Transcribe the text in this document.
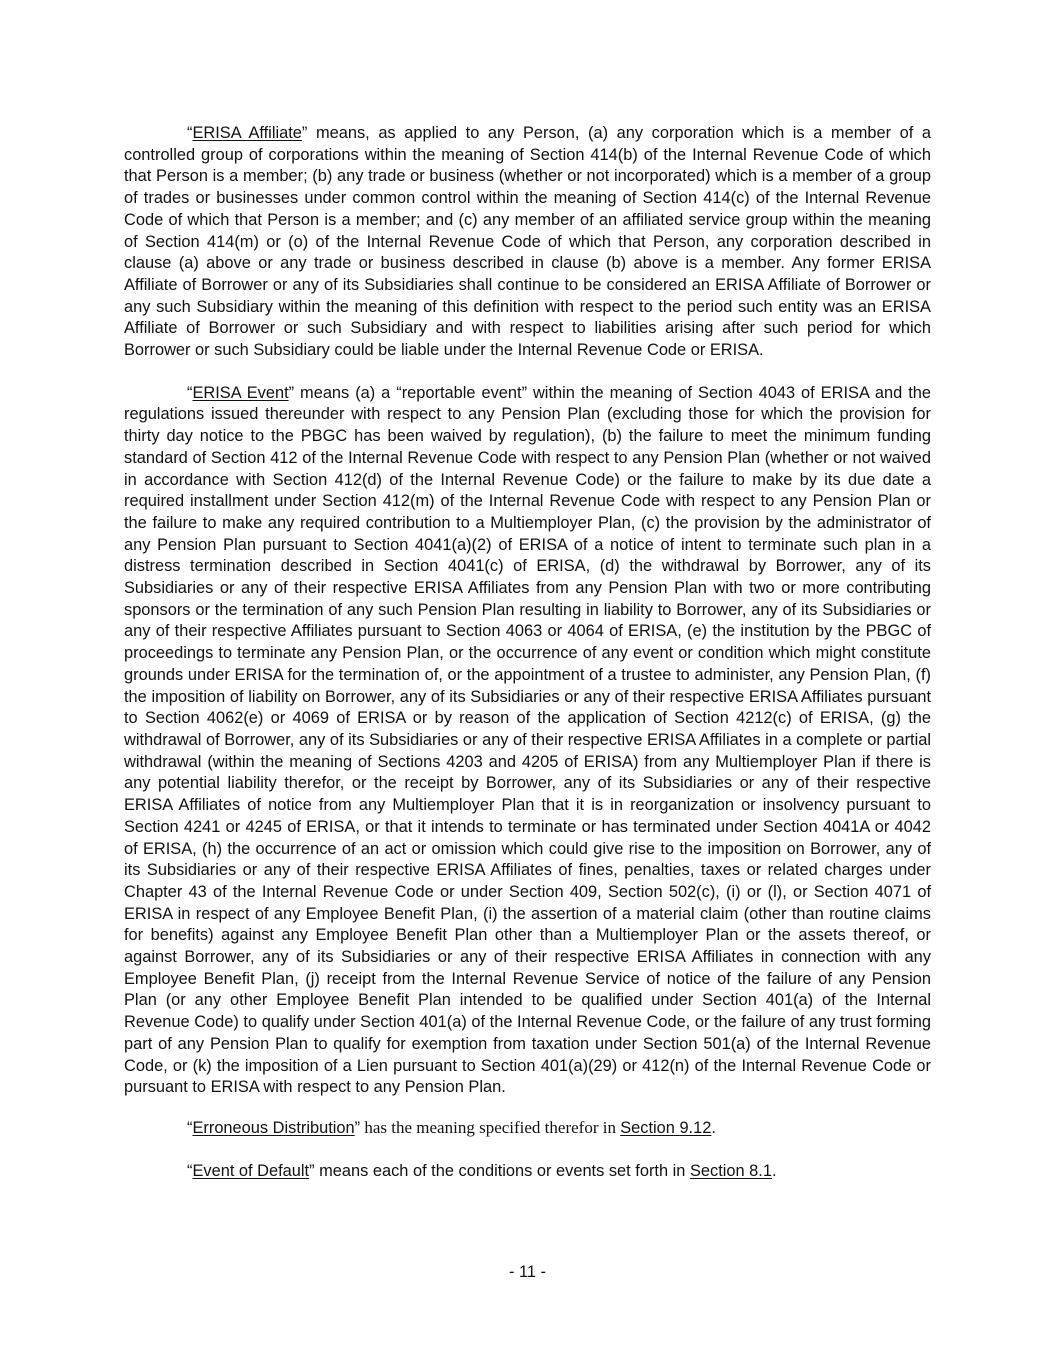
“ERISA Affiliate” means, as applied to any Person, (a) any corporation which is a member of a controlled group of corporations within the meaning of Section 414(b) of the Internal Revenue Code of which that Person is a member; (b) any trade or business (whether or not incorporated) which is a member of a group of trades or businesses under common control within the meaning of Section 414(c) of the Internal Revenue Code of which that Person is a member; and (c) any member of an affiliated service group within the meaning of Section 414(m) or (o) of the Internal Revenue Code of which that Person, any corporation described in clause (a) above or any trade or business described in clause (b) above is a member. Any former ERISA Affiliate of Borrower or any of its Subsidiaries shall continue to be considered an ERISA Affiliate of Borrower or any such Subsidiary within the meaning of this definition with respect to the period such entity was an ERISA Affiliate of Borrower or such Subsidiary and with respect to liabilities arising after such period for which Borrower or such Subsidiary could be liable under the Internal Revenue Code or ERISA.

“ERISA Event” means (a) a “reportable event” within the meaning of Section 4043 of ERISA and the regulations issued thereunder with respect to any Pension Plan (excluding those for which the provision for thirty day notice to the PBGC has been waived by regulation), (b) the failure to meet the minimum funding standard of Section 412 of the Internal Revenue Code with respect to any Pension Plan (whether or not waived in accordance with Section 412(d) of the Internal Revenue Code) or the failure to make by its due date a required installment under Section 412(m) of the Internal Revenue Code with respect to any Pension Plan or the failure to make any required contribution to a Multiemployer Plan, (c) the provision by the administrator of any Pension Plan pursuant to Section 4041(a)(2) of ERISA of a notice of intent to terminate such plan in a distress termination described in Section 4041(c) of ERISA, (d) the withdrawal by Borrower, any of its Subsidiaries or any of their respective ERISA Affiliates from any Pension Plan with two or more contributing sponsors or the termination of any such Pension Plan resulting in liability to Borrower, any of its Subsidiaries or any of their respective Affiliates pursuant to Section 4063 or 4064 of ERISA, (e) the institution by the PBGC of proceedings to terminate any Pension Plan, or the occurrence of any event or condition which might constitute grounds under ERISA for the termination of, or the appointment of a trustee to administer, any Pension Plan, (f) the imposition of liability on Borrower, any of its Subsidiaries or any of their respective ERISA Affiliates pursuant to Section 4062(e) or 4069 of ERISA or by reason of the application of Section 4212(c) of ERISA, (g) the withdrawal of Borrower, any of its Subsidiaries or any of their respective ERISA Affiliates in a complete or partial withdrawal (within the meaning of Sections 4203 and 4205 of ERISA) from any Multiemployer Plan if there is any potential liability therefor, or the receipt by Borrower, any of its Subsidiaries or any of their respective ERISA Affiliates of notice from any Multiemployer Plan that it is in reorganization or insolvency pursuant to Section 4241 or 4245 of ERISA, or that it intends to terminate or has terminated under Section 4041A or 4042 of ERISA, (h) the occurrence of an act or omission which could give rise to the imposition on Borrower, any of its Subsidiaries or any of their respective ERISA Affiliates of fines, penalties, taxes or related charges under Chapter 43 of the Internal Revenue Code or under Section 409, Section 502(c), (i) or (l), or Section 4071 of ERISA in respect of any Employee Benefit Plan, (i) the assertion of a material claim (other than routine claims for benefits) against any Employee Benefit Plan other than a Multiemployer Plan or the assets thereof, or against Borrower, any of its Subsidiaries or any of their respective ERISA Affiliates in connection with any Employee Benefit Plan, (j) receipt from the Internal Revenue Service of notice of the failure of any Pension Plan (or any other Employee Benefit Plan intended to be qualified under Section 401(a) of the Internal Revenue Code) to qualify under Section 401(a) of the Internal Revenue Code, or the failure of any trust forming part of any Pension Plan to qualify for exemption from taxation under Section 501(a) of the Internal Revenue Code, or (k) the imposition of a Lien pursuant to Section 401(a)(29) or 412(n) of the Internal Revenue Code or pursuant to ERISA with respect to any Pension Plan.

“Erroneous Distribution” has the meaning specified therefor in Section 9.12.

“Event of Default” means each of the conditions or events set forth in Section 8.1.

- 11 -
